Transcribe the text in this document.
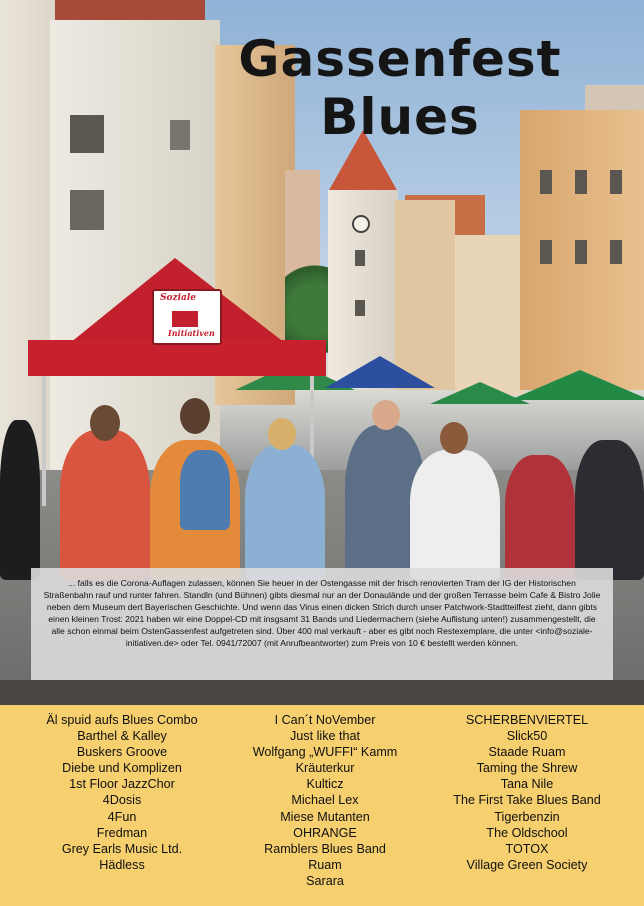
Soziale
Initiativen
Gassenfest
Blues

... falls es die Corona-Auflagen zulassen, können Sie heuer in der Ostengasse mit der frisch renovierten Tram der IG der Historischen Straßenbahn rauf und runter fahren. Standln (und Bühnen) gibts diesmal nur an der Donaulände und der großen Terrasse beim Cafe & Bistro Jolie neben dem Museum dert Bayerischen Geschichte. Und wenn das Virus einen dicken Strich durch unser Patchwork-Stadtteilfest zieht, dann gibts einen kleinen Trost: 2021 haben wir eine Doppel-CD mit insgsamt 31 Bands und Liedermachern (siehe Auflistung unten!) zusammengestellt, die alle schon einmal beim OstenGassenfest aufgetreten sind. Über 400 mal verkauft - aber es gibt noch Restexemplare, die unter <info@soziale-initiativen.de> oder Tel. 0941/72007 (mit Anrufbeantworter) zum Preis von 10 € bestellt werden können.

Äl spuid aufs Blues Combo
Barthel & Kalley
Buskers Groove
Diebe und Komplizen
1st Floor JazzChor
4Dosis
4Fun
Fredman
Grey Earls Music Ltd.
Hädless
I Can´t NoVember
Just like that
Wolfgang „WUFFI“ Kamm
Kräuterkur
Kulticz
Michael Lex
Miese Mutanten
OHRANGE
Ramblers Blues Band
Ruam
Sarara
SCHERBENVIERTEL
Slick50
Staade Ruam
Taming the Shrew
Tana Nile
The First Take Blues Band
Tigerbenzin
The Oldschool
TOTOX
Village Green Society
